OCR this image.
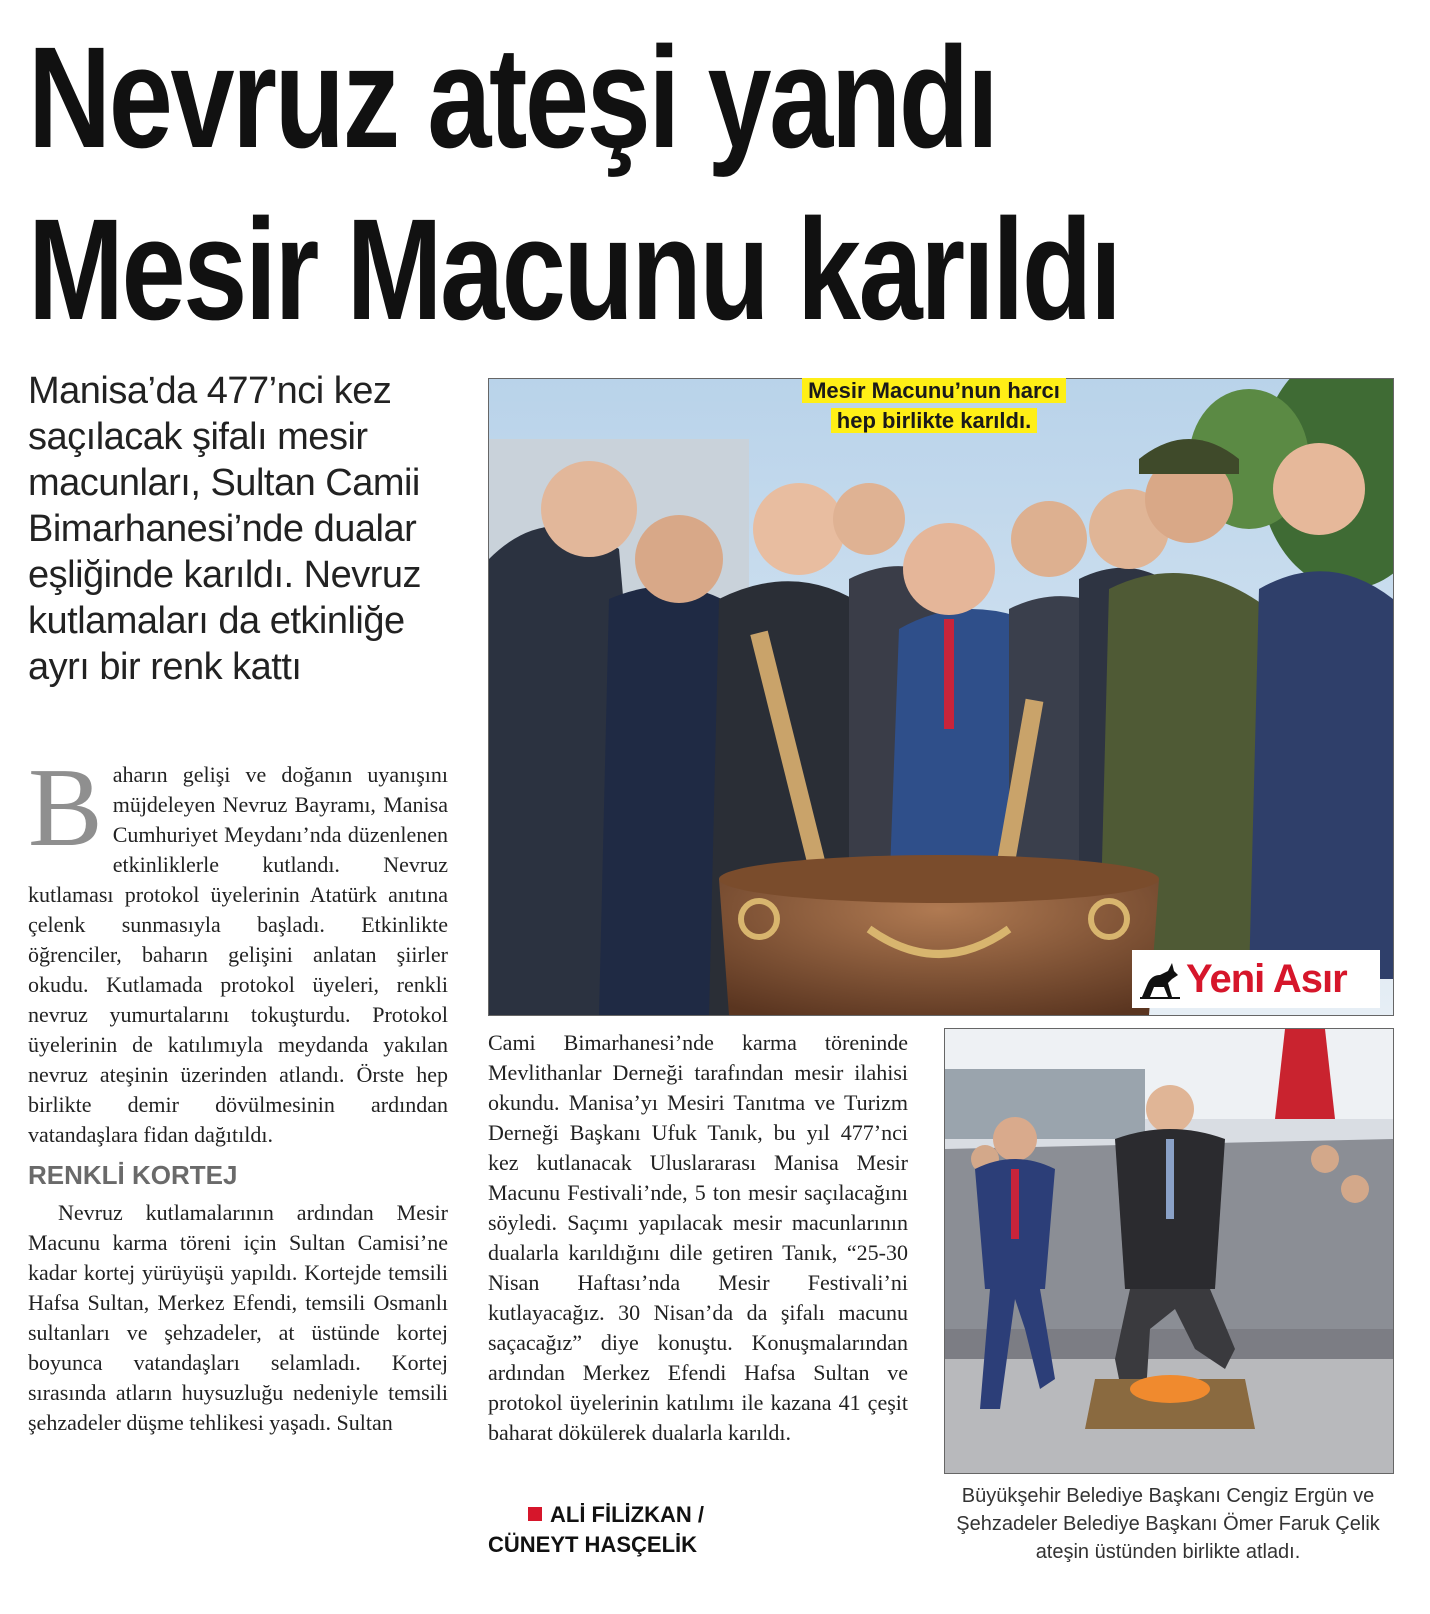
Nevruz ateşi yandı
Mesir Macunu karıldı
Manisa’da 477’nci kez saçılacak şifalı mesir macunları, Sultan Camii Bimarhanesi’nde dualar eşliğinde karıldı. Nevruz kutlamaları da etkinliğe ayrı bir renk kattı

B aharın gelişi ve doğanın uyanışını müjdeleyen Nevruz Bayramı, Manisa Cumhuriyet Meydanı’nda düzenlenen etkinliklerle kutlandı. Nevruz kutlaması protokol üyelerinin Atatürk anıtına çelenk sunmasıyla başladı. Etkinlikte öğrenciler, baharın gelişini anlatan şiirler okudu. Kutlamada protokol üyeleri, renkli nevruz yumurtalarını tokuşturdu. Protokol üyelerinin de katılımıyla meydanda yakılan nevruz ateşinin üzerinden atlandı. Örste hep birlikte demir dövülmesinin ardından vatandaşlara fidan dağıtıldı.

RENKLİ KORTEJ

Nevruz kutlamalarının ardından Mesir Macunu karma töreni için Sultan Camisi’ne kadar kortej yürüyüşü yapıldı. Kortejde temsili Hafsa Sultan, Merkez Efendi, temsili Osmanlı sultanları ve şehzadeler, at üstünde kortej boyunca vatandaşları selamladı. Kortej sırasında atların huysuzluğu nedeniyle temsili şehzadeler düşme tehlikesi yaşadı. Sultan

Cami Bimarhanesi’nde karma töreninde Mevlithanlar Derneği tarafından mesir ilahisi okundu. Manisa’yı Mesiri Tanıtma ve Turizm Derneği Başkanı Ufuk Tanık, bu yıl 477’nci kez kutlanacak Uluslararası Manisa Mesir Macunu Festivali’nde, 5 ton mesir saçılacağını söyledi. Saçımı yapılacak mesir macunlarının dualarla karıldığını dile getiren Tanık, “25-30 Nisan Haftası’nda Mesir Festivali’ni kutlayacağız. 30 Nisan’da da şifalı macunu saçacağız” diye konuştu. Konuşmalarından ardından Merkez Efendi Hafsa Sultan ve protokol üyelerinin katılımı ile kazana 41 çeşit baharat dökülerek dualarla karıldı.

ALİ FİLİZKAN /
CÜNEYT HASÇELİK
Mesir Macunu’nun harcı hep birlikte karıldı.
Yeni Asır
Büyükşehir Belediye Başkanı Cengiz Ergün ve Şehzadeler Belediye Başkanı Ömer Faruk Çelik ateşin üstünden birlikte atladı.
